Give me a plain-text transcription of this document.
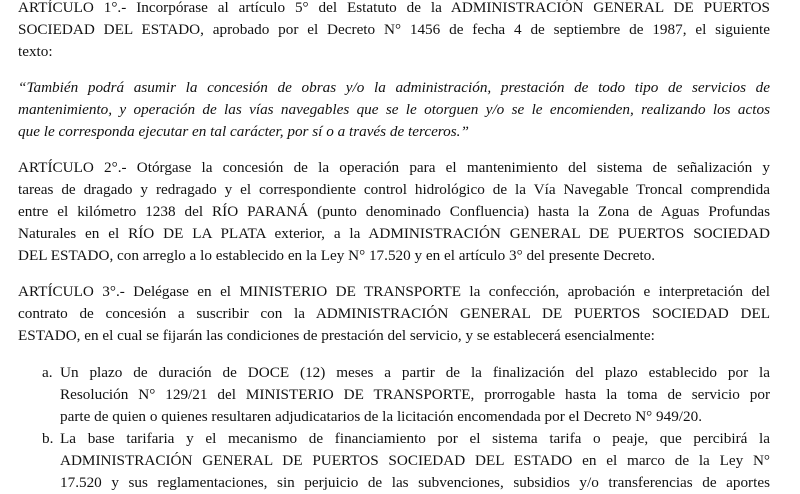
ARTÍCULO 1°.- Incorpórase al artículo 5° del Estatuto de la ADMINISTRACIÓN GENERAL DE PUERTOS
SOCIEDAD DEL ESTADO, aprobado por el Decreto N° 1456 de fecha 4 de septiembre de 1987, el siguiente
texto:
“También podrá asumir la concesión de obras y/o la administración, prestación de todo tipo de servicios de
mantenimiento, y operación de las vías navegables que se le otorguen y/o se le encomienden, realizando los actos
que le corresponda ejecutar en tal carácter, por sí o a través de terceros.”
ARTÍCULO 2°.- Otórgase la concesión de la operación para el mantenimiento del sistema de señalización y
tareas de dragado y redragado y el correspondiente control hidrológico de la Vía Navegable Troncal comprendida
entre el kilómetro 1238 del RÍO PARANÁ (punto denominado Confluencia) hasta la Zona de Aguas Profundas
Naturales en el RÍO DE LA PLATA exterior, a la ADMINISTRACIÓN GENERAL DE PUERTOS SOCIEDAD
DEL ESTADO, con arreglo a lo establecido en la Ley N° 17.520 y en el artículo 3° del presente Decreto.
ARTÍCULO 3°.- Delégase en el MINISTERIO DE TRANSPORTE la confección, aprobación e interpretación del
contrato de concesión a suscribir con la ADMINISTRACIÓN GENERAL DE PUERTOS SOCIEDAD DEL
ESTADO, en el cual se fijarán las condiciones de prestación del servicio, y se establecerá esencialmente:
a. Un plazo de duración de DOCE (12) meses a partir de la finalización del plazo establecido por la
Resolución N° 129/21 del MINISTERIO DE TRANSPORTE, prorrogable hasta la toma de servicio por
parte de quien o quienes resultaren adjudicatarios de la licitación encomendada por el Decreto N° 949/20.
b. La base tarifaria y el mecanismo de financiamiento por el sistema tarifa o peaje, que percibirá la
ADMINISTRACIÓN GENERAL DE PUERTOS SOCIEDAD DEL ESTADO en el marco de la Ley N°
17.520 y sus reglamentaciones, sin perjuicio de las subvenciones, subsidios y/o transferencias de aportes
